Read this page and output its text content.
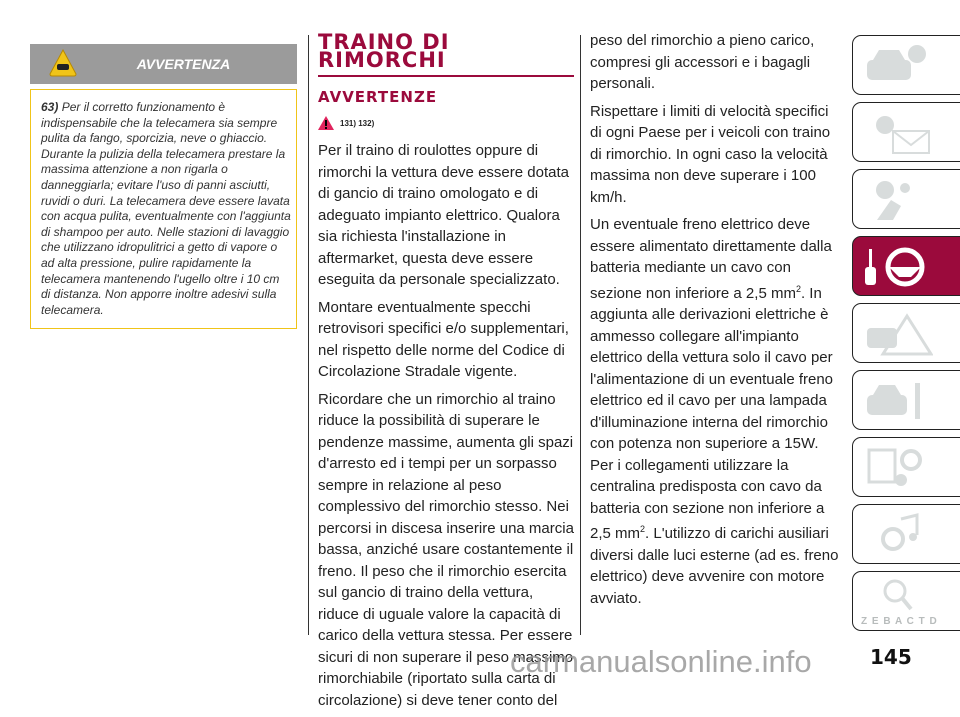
AVVERTENZA
63) Per il corretto funzionamento è indispensabile che la telecamera sia sempre pulita da fango, sporcizia, neve o ghiaccio. Durante la pulizia della telecamera prestare la massima attenzione a non rigarla o danneggiarla; evitare l'uso di panni asciutti, ruvidi o duri. La telecamera deve essere lavata con acqua pulita, eventualmente con l'aggiunta di shampoo per auto. Nelle stazioni di lavaggio che utilizzano idropulitrici a getto di vapore o ad alta pressione, pulire rapidamente la telecamera mantenendo l'ugello oltre i 10 cm di distanza. Non apporre inoltre adesivi sulla telecamera.
TRAINO DI
RIMORCHI
AVVERTENZE
131) 132)

Per il traino di roulottes oppure di rimorchi la vettura deve essere dotata di gancio di traino omologato e di adeguato impianto elettrico. Qualora sia richiesta l'installazione in aftermarket, questa deve essere eseguita da personale specializzato.

Montare eventualmente specchi retrovisori specifici e/o supplementari, nel rispetto delle norme del Codice di Circolazione Stradale vigente.

Ricordare che un rimorchio al traino riduce la possibilità di superare le pendenze massime, aumenta gli spazi d'arresto ed i tempi per un sorpasso sempre in relazione al peso complessivo del rimorchio stesso. Nei percorsi in discesa inserire una marcia bassa, anziché usare costantemente il freno. Il peso che il rimorchio esercita sul gancio di traino della vettura, riduce di uguale valore la capacità di carico della vettura stessa. Per essere sicuri di non superare il peso massimo rimorchiabile (riportato sulla carta di circolazione) si deve tener conto del

peso del rimorchio a pieno carico, compresi gli accessori e i bagagli personali.

Rispettare i limiti di velocità specifici di ogni Paese per i veicoli con traino di rimorchio. In ogni caso la velocità massima non deve superare i 100 km/h.

Un eventuale freno elettrico deve essere alimentato direttamente dalla batteria mediante un cavo con sezione non inferiore a 2,5 $mm^2$. In aggiunta alle derivazioni elettriche è ammesso collegare all'impianto elettrico della vettura solo il cavo per l'alimentazione di un eventuale freno elettrico ed il cavo per una lampada d'illuminazione interna del rimorchio con potenza non superiore a 15W. Per i collegamenti utilizzare la centralina predisposta con cavo da batteria con sezione non inferiore a 2,5 $mm^2$. L'utilizzo di carichi ausiliari diversi dalle luci esterne (ad es. freno elettrico) deve avvenire con motore avviato.

Z E B A C T D
carmanualsonline.info	145
